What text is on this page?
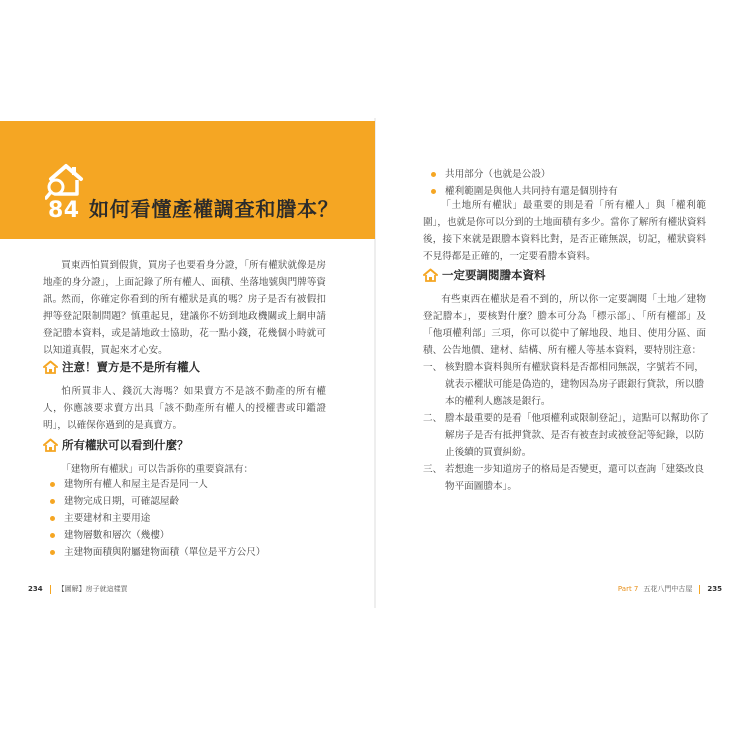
84 如何看懂產權調查和謄本？

買東西怕買到假貨，買房子也要看身分證，「所有權狀就像是房地產的身分證」，上面記錄了所有權人、面積、坐落地號與門牌等資訊。 然而，你確定你看到的所有權狀是真的嗎？房子是否有被假扣押等登記限制問題？慎重起見，建議你不妨到地政機關或上網申請登記謄本資料，或是請地政士協助，花一點小錢，花幾個小時就可以知道真假，買起來才心安。

注意！賣方是不是所有權人

怕所買非人、錢沉大海嗎？如果賣方不是該不動產的所有權人，你應該要求賣方出具「該不動產所有權人的授權書或印鑑證明」，以確保你過到的是真賣方。

所有權狀可以看到什麼？

「建物所有權狀」可以告訴你的重要資訊有：

建物所有權人和屋主是否是同一人
建物完成日期，可確認屋齡
主要建材和主要用途
建物層數和層次（幾樓）
主建物面積與附屬建物面積（單位是平方公尺）
共用部分（也就是公設）
權利範圍是與他人共同持有還是個別持有

「土地所有權狀」最重要的則是看「所有權人」與「權利範圍」，也就是你可以分到的土地面積有多少。當你了解所有權狀資料後，接下來就是跟謄本資料比對，是否正確無誤，切記，權狀資料不見得都是正確的，一定要看謄本資料。

一定要調閱謄本資料

有些東西在權狀是看不到的，所以你一定要調閱「土地／建物登記謄本」，要核對什麼？謄本可分為「標示部」、「所有權部」及「他項權利部」三項，你可以從中了解地段、地目、使用分區、面積、公告地價、建材、結構、所有權人等基本資料，要特別注意：

一、 核對謄本資料與所有權狀資料是否都相同無誤，字號若不同，就表示權狀可能是偽造的，建物因為房子跟銀行貸款，所以謄本的權利人應該是銀行。
二、 謄本最重要的是看「他項權利或限制登記」，這點可以幫助你了解房子是否有抵押貸款、是否有被查封或被登記等紀錄，以防止後續的買賣糾紛。
三、 若想進一步知道房子的格局是否變更，還可以查詢「建築改良物平面圖謄本」。
234 【圖解】房子就這樣買	Part 7 五花八門中古屋 235
